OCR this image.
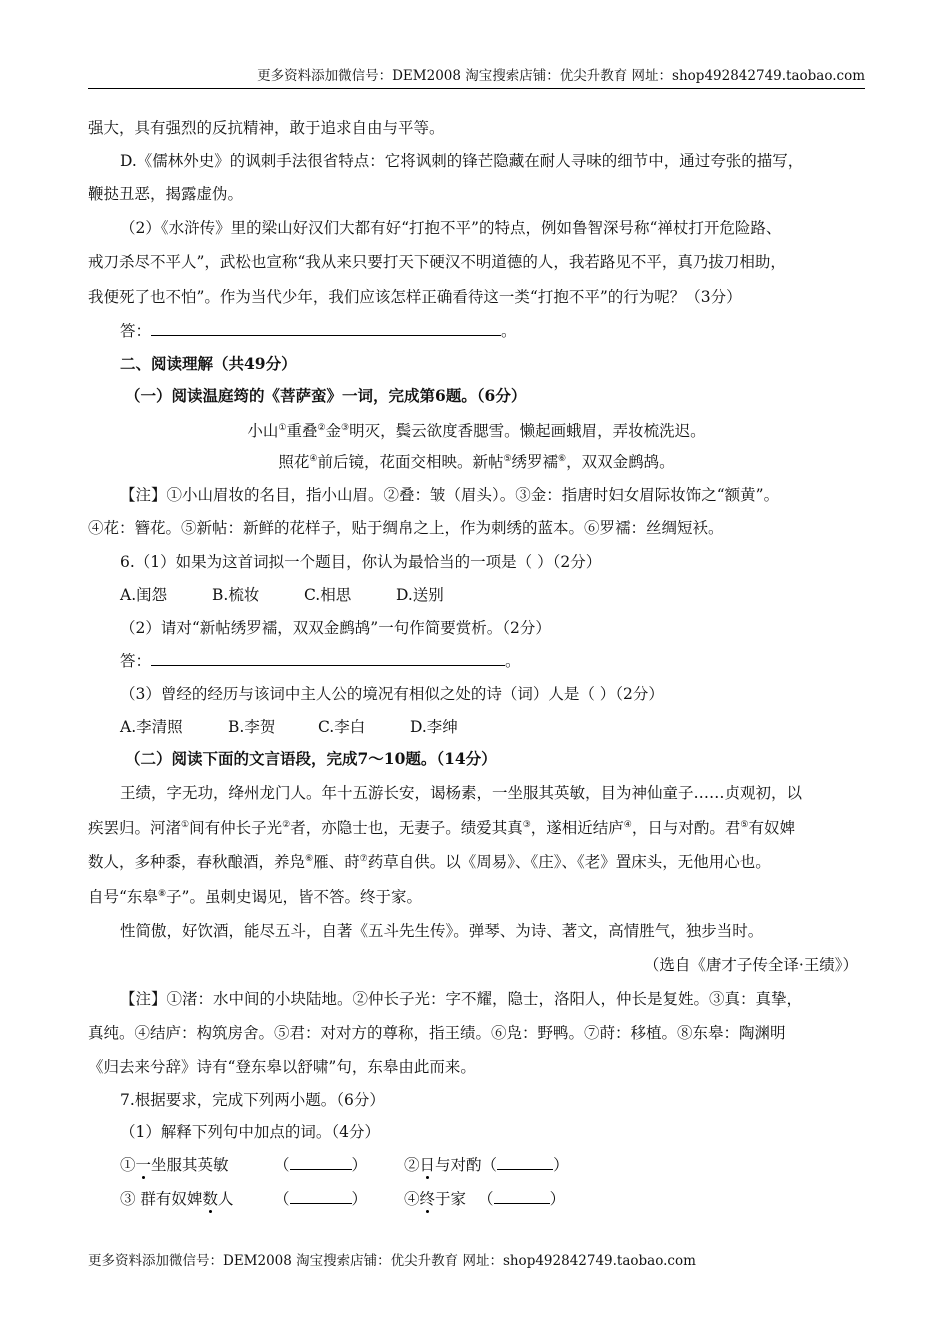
更多资料添加微信号：DEM2008 淘宝搜索店铺：优尖升教育 网址：shop492842749.taobao.com
强大，具有强烈的反抗精神，敢于追求自由与平等。
D.《儒林外史》的讽刺手法很省特点：它将讽刺的锋芒隐藏在耐人寻味的细节中，通过夸张的描写，
鞭挞丑恶，揭露虚伪。
（2）《水浒传》里的梁山好汉们大都有好“打抱不平”的特点，例如鲁智深号称“禅杖打开危险路、
戒刀杀尽不平人”，武松也宣称“我从来只要打天下硬汉不明道德的人，我若路见不平，真乃拔刀相助，
我便死了也不怕”。作为当代少年，我们应该怎样正确看待这一类“打抱不平”的行为呢？（3分）
答：	。
二、阅读理解（共49分）
（一）阅读温庭筠的《菩萨蛮》一词，完成第6题。（6分）
小山①重叠②金③明灭，鬓云欲度香腮雪。懒起画蛾眉，弄妆梳洗迟。
照花④前后镜，花面交相映。新帖⑤绣罗襦⑥，双双金鹧鸪。
【注】①小山眉妆的名目，指小山眉。②叠：皱（眉头）。③金：指唐时妇女眉际妆饰之“额黄”。
④花：簪花。⑤新帖：新鲜的花样子，贴于绸帛之上，作为刺绣的蓝本。⑥罗襦：丝绸短袄。
6.（1）如果为这首词拟一个题目，你认为最恰当的一项是（ ）（2分）
A.闺怨	B.梳妆	C.相思	D.送别
（2）请对“新帖绣罗襦，双双金鹧鸪”一句作简要赏析。（2分）
答：	。
（3）曾经的经历与该词中主人公的境况有相似之处的诗（词）人是（ ）（2分）
A.李清照	B.李贺	C.李白	D.李绅
（二）阅读下面的文言语段，完成7～10题。（14分）
王绩，字无功，绛州龙门人。年十五游长安，谒杨素，一坐服其英敏，目为神仙童子……贞观初，以
疾罢归。河渚①间有仲长子光②者，亦隐士也，无妻子。绩爱其真③，遂相近结庐④，日与对酌。君⑤有奴婢
数人，多种黍，春秋酿酒，养凫⑥雁、莳⑦药草自供。以《周易》、《庄》、《老》置床头，无他用心也。
自号“东皋⑧子”。虽刺史谒见，皆不答。终于家。
性简傲，好饮酒，能尽五斗，自著《五斗先生传》。弹琴、为诗、著文，高情胜气，独步当时。
（选自《唐才子传全译·王绩》）
【注】①渚：水中间的小块陆地。②仲长子光：字不耀，隐士，洛阳人，仲长是复姓。③真：真挚，
真纯。④结庐：构筑房舍。⑤君：对对方的尊称，指王绩。⑥凫：野鸭。⑦莳：移植。⑧东皋：陶渊明
《归去来兮辞》诗有“登东皋以舒啸”句，东皋由此而来。
7.根据要求，完成下列两小题。（6分）
（1）解释下列句中加点的词。（4分）
①一坐服其英敏	（	） ②日与对酌（	）
③ 群有奴婢数人	（	） ④终于家 （	）
更多资料添加微信号：DEM2008 淘宝搜索店铺：优尖升教育 网址：shop492842749.taobao.com
